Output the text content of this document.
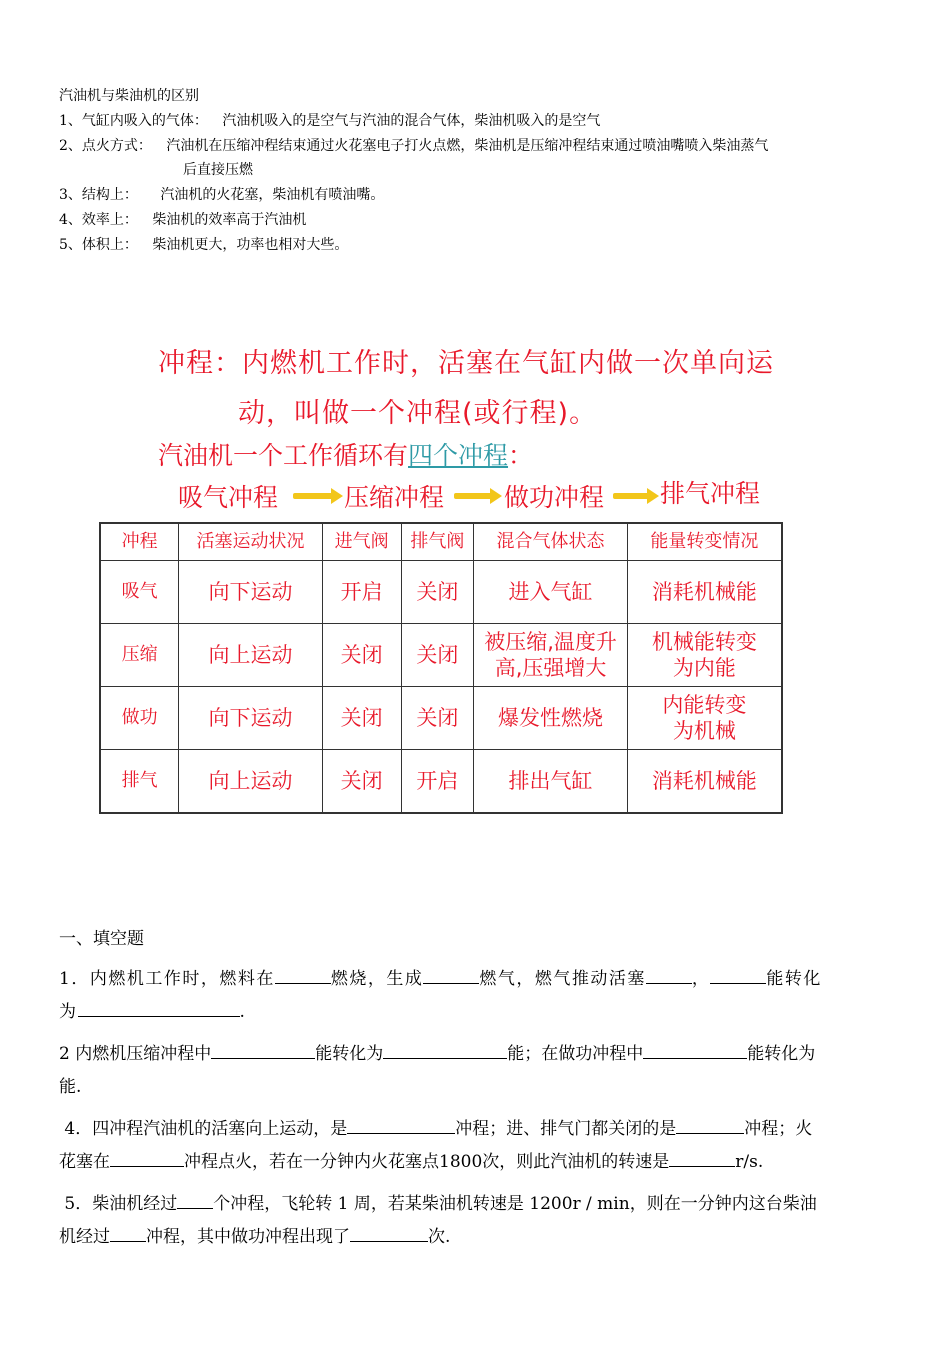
汽油机与柴油机的区别
1、气缸内吸入的气体： 汽油机吸入的是空气与汽油的混合气体，柴油机吸入的是空气
2、点火方式： 汽油机在压缩冲程结束通过火花塞电子打火点燃，柴油机是压缩冲程结束通过喷油嘴喷入柴油蒸气
后直接压燃
3、结构上： 汽油机的火花塞，柴油机有喷油嘴。
4、效率上： 柴油机的效率高于汽油机
5、体积上： 柴油机更大，功率也相对大些。
冲程：内燃机工作时，活塞在气缸内做一次单向运
动，叫做一个冲程(或行程)。
汽油机一个工作循环有四个冲程：
吸气冲程	压缩冲程 做功冲程 排气冲程
冲程	活塞运动状况	进气阀	排气阀	混合气体状态	能量转变情况
吸气	向下运动	开启	关闭	进入气缸	消耗机械能
压缩	向上运动	关闭	关闭	被压缩,温度升高,压强增大	机械能转变为内能
做功	向下运动	关闭	关闭	爆发性燃烧	内能转变为机械
排气	向上运动	关闭	开启	排出气缸	消耗机械能
一、填空题
1．内燃机工作时，燃料在	燃烧，生成	燃气，燃气推动活塞	，	能转化
为	.
2 内燃机压缩冲程中	能转化为	能；在做功冲程中	能转化为
能.
4．四冲程汽油机的活塞向上运动，是	冲程；进、排气门都关闭的是	冲程；火
花塞在	冲程点火，若在一分钟内火花塞点1800次，则此汽油机的转速是	r/s.
5．柴油机经过 个冲程，飞轮转 1 周，若某柴油机转速是 1200r / min，则在一分钟内这台柴油
机经过 冲程，其中做功冲程出现了	次.
